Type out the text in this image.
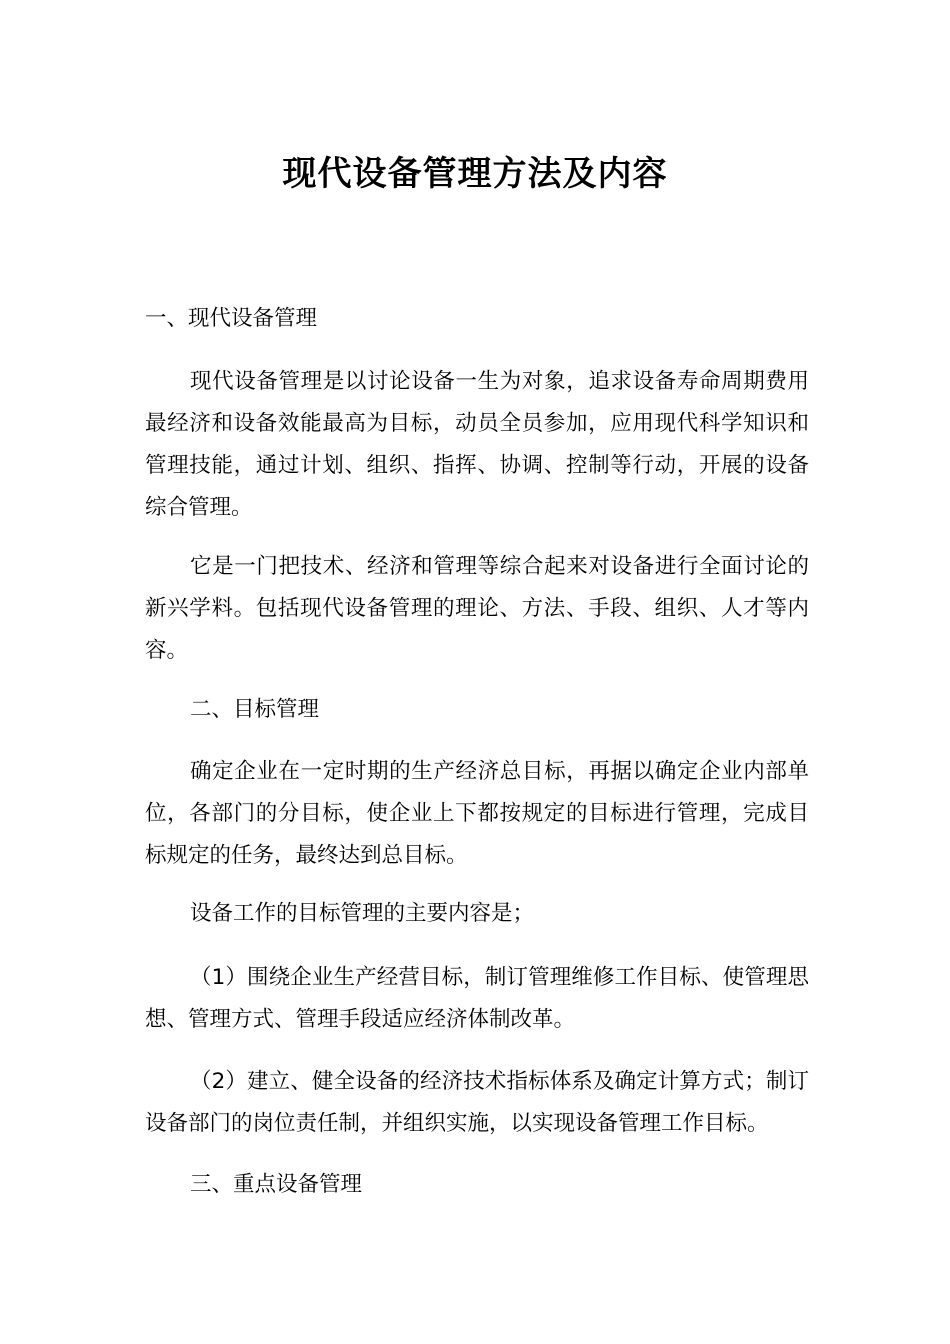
现代设备管理方法及内容

一、现代设备管理

现代设备管理是以讨论设备一生为对象，追求设备寿命周期费用最经济和设备效能最高为目标，动员全员参加，应用现代科学知识和管理技能，通过计划、组织、指挥、协调、控制等行动，开展的设备综合管理。

它是一门把技术、经济和管理等综合起来对设备进行全面讨论的新兴学料。包括现代设备管理的理论、方法、手段、组织、人才等内容。

二、目标管理

确定企业在一定时期的生产经济总目标，再据以确定企业内部单位，各部门的分目标，使企业上下都按规定的目标进行管理，完成目标规定的任务，最终达到总目标。

设备工作的目标管理的主要内容是；

（1）围绕企业生产经营目标，制订管理维修工作目标、使管理思想、管理方式、管理手段适应经济体制改革。

（2）建立、健全设备的经济技术指标体系及确定计算方式；制订设备部门的岗位责任制，并组织实施，以实现设备管理工作目标。

三、重点设备管理
